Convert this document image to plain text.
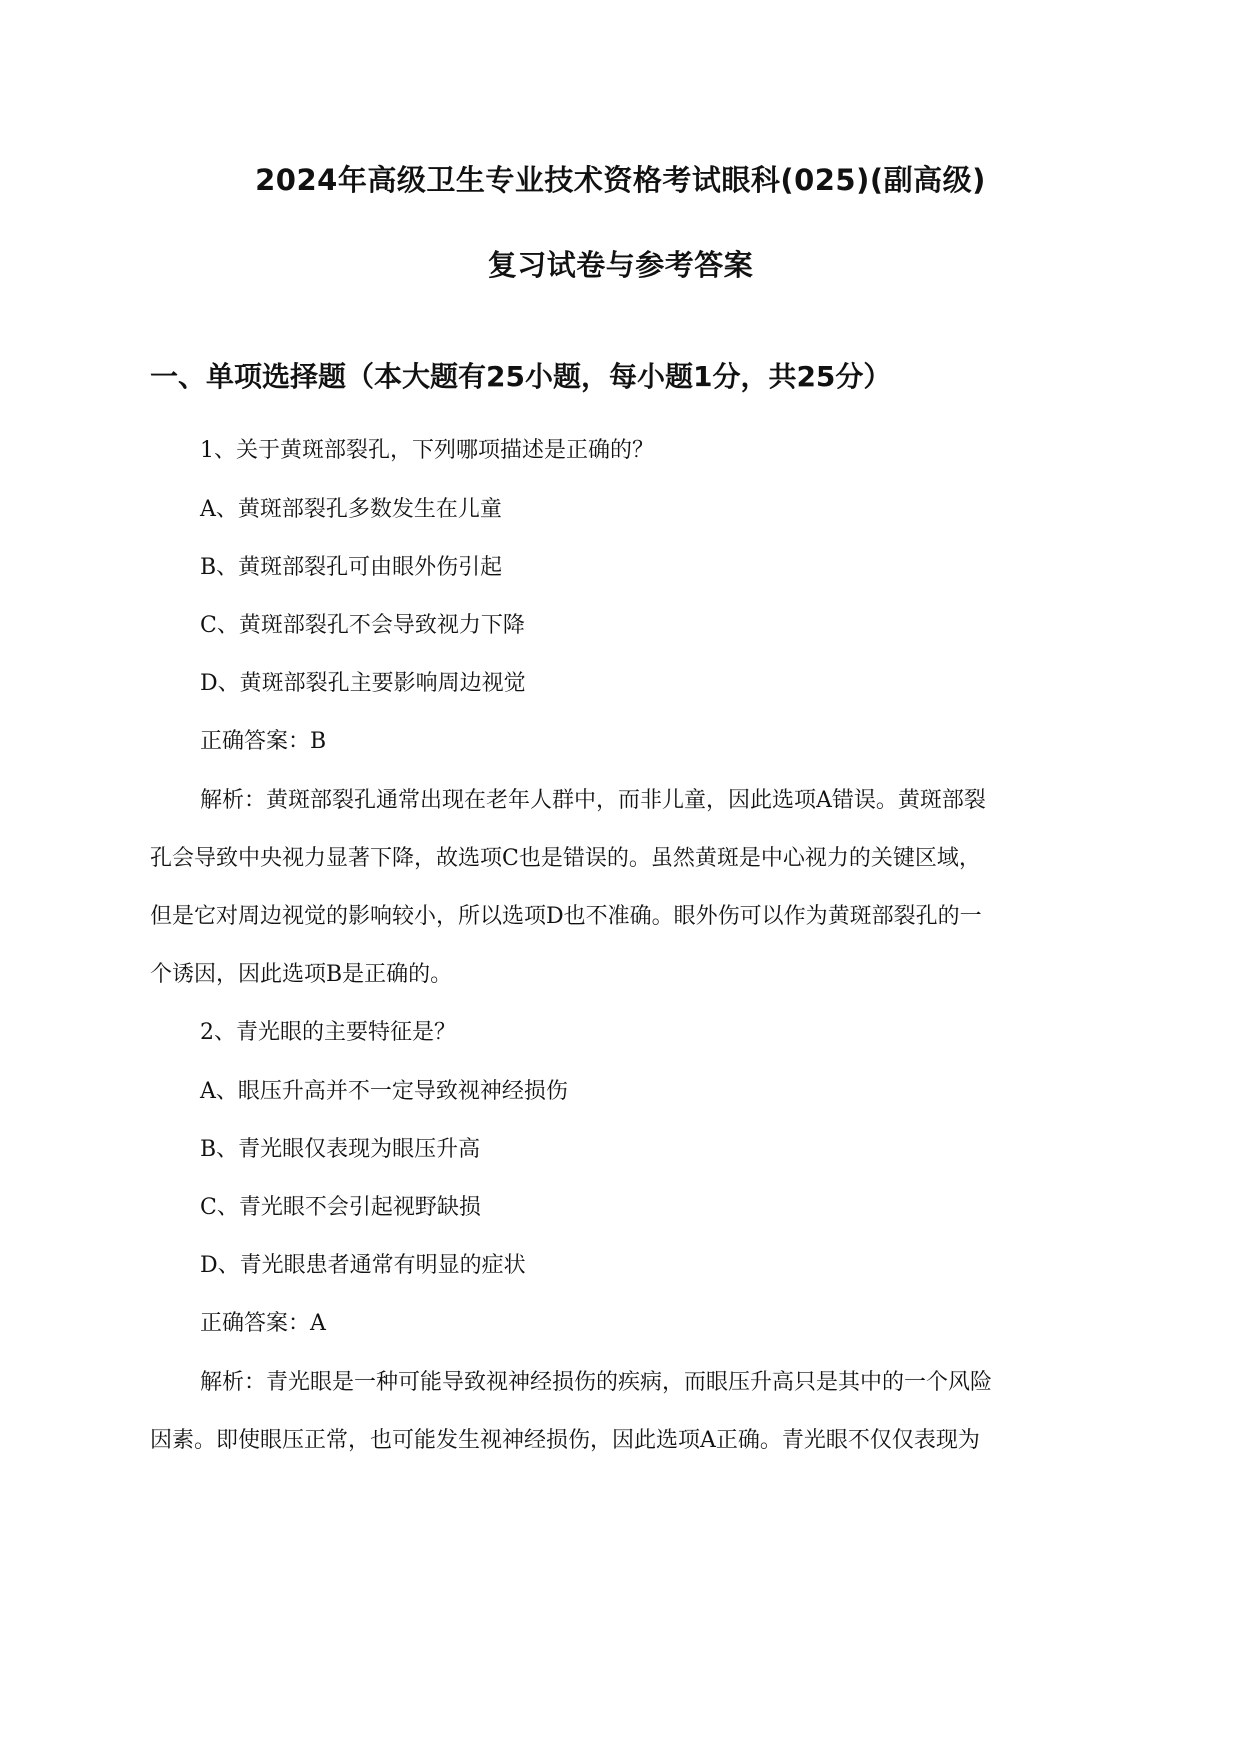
2024年高级卫生专业技术资格考试眼科(025)(副高级)
复习试卷与参考答案
一、单项选择题（本大题有25小题，每小题1分，共25分）
1、关于黄斑部裂孔，下列哪项描述是正确的？
A、黄斑部裂孔多数发生在儿童
B、黄斑部裂孔可由眼外伤引起
C、黄斑部裂孔不会导致视力下降
D、黄斑部裂孔主要影响周边视觉
正确答案：B
解析：黄斑部裂孔通常出现在老年人群中，而非儿童，因此选项A错误。黄斑部裂
孔会导致中央视力显著下降，故选项C也是错误的。虽然黄斑是中心视力的关键区域，
但是它对周边视觉的影响较小，所以选项D也不准确。眼外伤可以作为黄斑部裂孔的一
个诱因，因此选项B是正确的。
2、青光眼的主要特征是？
A、眼压升高并不一定导致视神经损伤
B、青光眼仅表现为眼压升高
C、青光眼不会引起视野缺损
D、青光眼患者通常有明显的症状
正确答案：A
解析：青光眼是一种可能导致视神经损伤的疾病，而眼压升高只是其中的一个风险
因素。即使眼压正常，也可能发生视神经损伤，因此选项A正确。青光眼不仅仅表现为
